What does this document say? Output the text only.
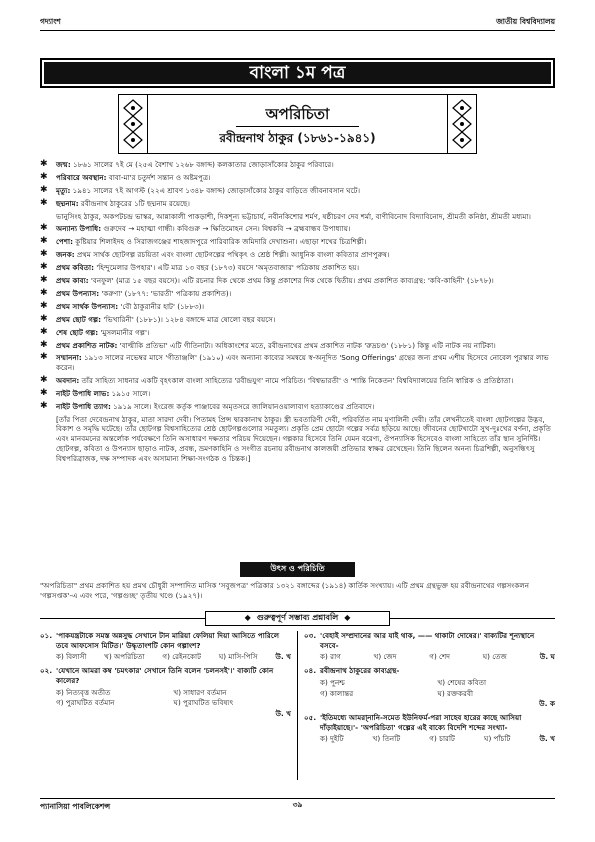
গদ্যাংশ	জাতীয় বিশ্ববিদ্যালয়
বাংলা ১ম পত্র
অপরিচিতা
রবীন্দ্রনাথ ঠাকুর (১৮৬১-১৯৪১)
✱	জন্ম: ১৮৬১ সালের ৭ই মে (২৫এ বৈশাখ ১২৬৮ বঙ্গাব্দ) কলকাতার জোড়াসাঁকোর ঠাকুর পরিবারে।
✱	পরিবারে অবস্থান: বাবা-মা'র চতুর্দশ সন্তান ও অষ্টমপুত্র।
✱	মৃত্যু: ১৯৪১ সালের ৭ই আগস্ট (২২এ শ্রাবণ ১৩৪৮ বঙ্গাব্দ) জোড়াসাঁকোর ঠাকুর বাড়িতে জীবনাবসান ঘটে।
✱	ছদ্মনাম: রবীন্দ্রনাথ ঠাকুরের ১টি ছদ্মনাম রয়েছে।
ভানুসিংহ ঠাকুর, অকপটচন্দ্র ভাস্কর, আন্নাকালী পাকড়াশী, দিকশূন্য ভট্টাচার্য, নবীনকিশোর শর্মণ, ষষ্ঠীচরণ দেব শর্মা, বাণীবিনোদ বিদ্যাবিনোদ, শ্রীমতী কনিষ্ঠা, শ্রীমতী মধ্যমা।
✱	অন্যান্য উপাধি: গুরুদেব → মহাত্মা গান্ধী। কবিগুরু → ক্ষিতিমোহন সেন। বিশ্বকবি → ব্রহ্মবান্ধব উপাধ্যায়।
✱	পেশা: কুষ্টিয়ার শিলাইদহ ও সিরাজগঞ্জের শাহজাদপুরে পারিবারিক জমিদারি দেখাশুনা। এছাড়া শখের চিত্রশিল্পী।
✱	জনক: প্রথম সার্থক ছোটগল্প রচয়িতা এবং বাংলা ছোটগল্পের পথিকৃৎ ও শ্রেষ্ঠ শিল্পী। আধুনিক বাংলা কবিতার প্রাণপুরুষ।
✱	প্রথম কবিতা: 'হিন্দুমেলার উপহার'। এটি মাত্র ১৩ বছর (১৮৭৩) বয়সে 'অমৃতবাজার' পত্রিকায় প্রকাশিত হয়।
✱	প্রথম কাব্য: 'বনফুল' (মাত্র ১৫ বছর বয়সে)। এটি রচনার দিক থেকে প্রথম কিন্তু প্রকাশের দিক থেকে দ্বিতীয়। প্রথম প্রকাশিত কাব্যগ্রন্থ: 'কবি-কাহিনী' (১৮৭৮)।
✱	প্রথম উপন্যাস: 'করুণা' (১৮৭৭: 'ভারতী' পত্রিকায় প্রকাশিত)।
✱	প্রথম সার্থক উপন্যাস: 'বৌ ঠাকুরানীর হাট' (১৮৮৩)।
✱	প্রথম ছোট গল্প: 'ভিখারিনী' (১৮৮১)। ১২৮৪ বঙ্গাব্দে মাত্র ষোলো বছর বয়সে।
✱	শেষ ছোট গল্প: 'মুসলমানীর গল্প'।
✱	প্রথম প্রকাশিত নাটক: 'বাল্মীকি প্রতিভা' এটি গীতিনাট্য। অধিকাংশের মতে, রবীন্দ্রনাথের প্রথম প্রকাশিত নাটক 'রুদ্রচণ্ড' (১৮৮১) কিন্তু এটি নাটক নয় নাটিকা।
✱	সম্মাননা: ১৯১৩ সালের নভেম্বর মাসে 'গীতাঞ্জলি' (১৯১০) এবং অন্যান্য কাব্যের সমন্বয়ে স্ব-অনূদিত 'Song Offerings' গ্রন্থের জন্য প্রথম এশীয় হিসেবে নোবেল পুরস্কার লাভ করেন।
✱	অবদান: তাঁর সাহিত্য সাধনার একটি বৃহৎকাল বাংলা সাহিত্যের 'রবীন্দ্রযুগ' নামে পরিচিত। 'বিশ্বভারতী' ও 'শান্তি নিকেতন' বিশ্ববিদ্যালয়ের তিনি স্বাপ্নিক ও প্রতিষ্ঠাতা।
✱	নাইট উপাধি লাভ: ১৯১৫ সালে।
✱	নাইট উপাধি ত্যাগ: ১৯১৯ সালে। ইংরেজ কর্তৃক পাঞ্জাবের অমৃতসরে জালিয়ানওয়ালাবাগ হত্যাকাণ্ডের প্রতিবাদে।
[তাঁর পিতা দেবেন্দ্রনাথ ঠাকুর, মাতা সারদা দেবী। পিতামহ প্রিন্স দ্বারকানাথ ঠাকুর। স্ত্রী ভবতারিণী দেবী, পরিবর্তিত নাম মৃণালিনী দেবী। তাঁর লেখনীতেই বাংলা ছোটগল্পের উদ্ভব, বিকাশ ও সমৃদ্ধি ঘটেছে। তাঁর ছোটগল্প বিশ্বসাহিত্যের শ্রেষ্ঠ ছোটগল্পগুলোর সমতুল্য। প্রকৃতি প্রেম ছোটো গল্পের সর্বত্র ছড়িয়ে আছে। জীবনের ছোটখাটো সুখ-দুঃখের বর্ণনা, প্রকৃতি এবং মানবমনের অন্তর্লোক পর্যবেক্ষণে তিনি অসাধারণ দক্ষতার পরিচয় দিয়েছেন। গল্পকার হিসেবে তিনি যেমন বরেণ্য, ঔপন্যাসিক হিসেবেও বাংলা সাহিত্যে তাঁর স্থান সুনির্দিষ্ট। ছোটগল্প, কবিতা ও উপন্যাস ছাড়াও নাটক, প্রবন্ধ, ভ্রমণকাহিনি ও সংগীত রচনায় রবীন্দ্রনাথ কালজয়ী প্রতিভার স্বাক্ষর রেখেছেন। তিনি ছিলেন অনন্য চিত্রশিল্পী, অনুসন্ধিৎসু বিশ্বপরিব্রাজক, দক্ষ সম্পাদক এবং অসামান্য শিক্ষা-সংগঠক ও চিন্তক।]
উৎস ও পরিচিতি
"অপরিচিতা" প্রথম প্রকাশিত হয় প্রমথ চৌধুরী সম্পাদিত মাসিক 'সবুজপত্র' পত্রিকার ১৩২১ বঙ্গাব্দের (১৯১৪) কার্তিক সংখ্যায়। এটি প্রথম গ্রন্থভুক্ত হয় রবীন্দ্রনাথের গল্পসংকলন 'গল্পসপ্তক'-এ এবং পরে, 'গল্পগুচ্ছ' তৃতীয় খণ্ডে (১৯২৭)।
◆ গুরুত্বপূর্ণ সম্ভাব্য প্রশ্নাবলি ◆
০১. 'পাকযন্ত্রটাকে সমস্ত অন্নসুদ্ধ সেখানে টান মারিয়া ফেলিয়া দিয়া আসিতে পারিলে তবে আফসোস মিটিত।' উদ্ধৃতাংশটি কোন গল্পাংশ?
ক) বিলাসী খ) অপরিচিতা গ) রেইনকোট ঘ) মাসি-পিসি উ. খ
০২. 'যেখানে আমরা কম্ব 'চমৎকার' সেখানে তিনি বলেন 'চলনসই'।' বাক্যটি কোন কালের?
ক) নিত্যবৃত্ত অতীত	খ) সাধারণ বর্তমান
গ) পুরাঘটিত বর্তমান	ঘ) পুরাঘটিত ভবিষ্যৎ
উ. খ
০৩. 'বেহাই সম্প্রদানের আর যাই থাক, —— থাকাটা দোষের।' বাক্যটির শূন্যস্থানে বসবে-
ক) রাগ	খ) জেদ	গ) শেদ	ঘ) তেজ	উ. ঘ
০৪. রবীন্দ্রনাথ ঠাকুরের কাব্যগ্রন্থ-
ক) পুনশ্চ	খ) শেষের কবিতা
গ) কালান্তর	ঘ) রক্তকরবী
উ. ক
০৫. 'ইতিমধ্যে আমরা্নানি-সমেত ইউনিফর্ম-পরা সাহেব হারের কাছে আসিয়া দাঁড়াইয়াছে।'- 'অপরিচিতা' গল্পের এই বাক্যে বিদেশি শব্দের সংখ্যা-
ক) দুইটি	খ) তিনটি	গ) চারটি	ঘ) পাঁচটি	উ. খ
প্যানাসিয়া পাবলিকেশন্স	৩৯
